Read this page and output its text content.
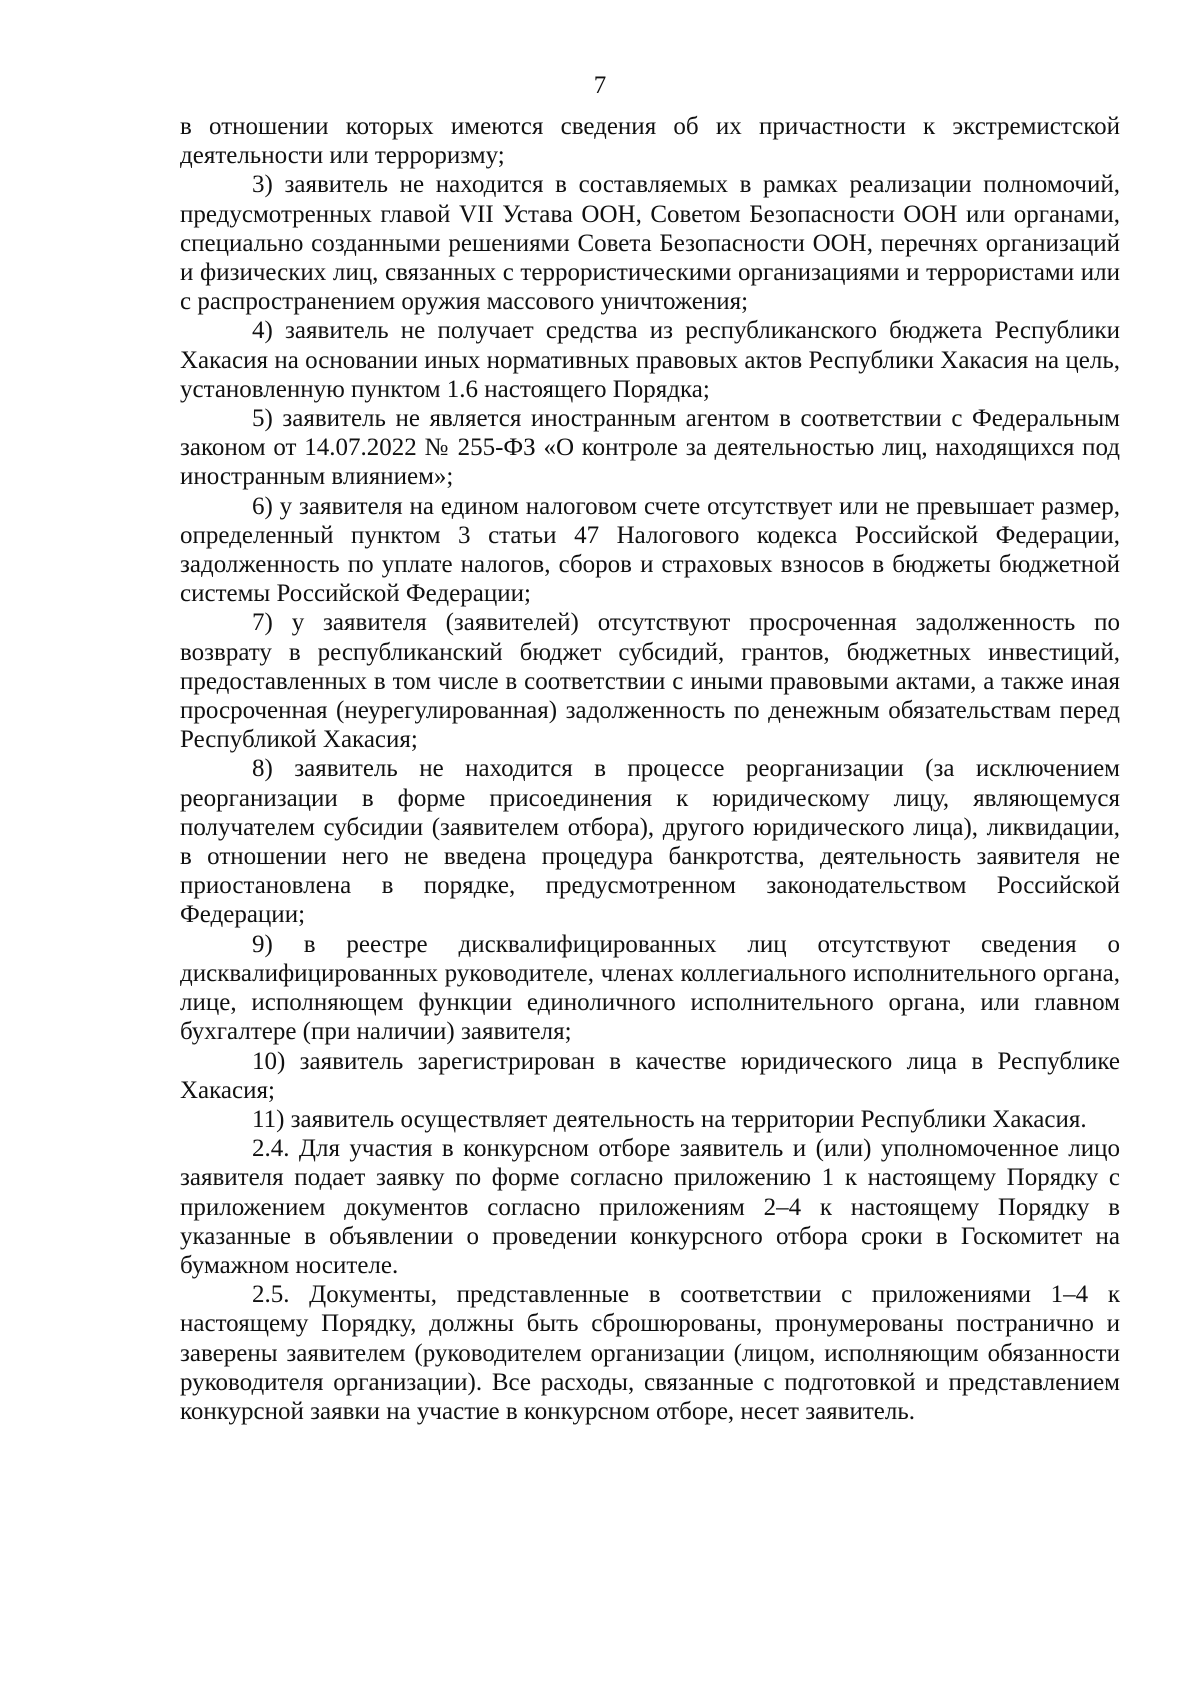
7

в отношении которых имеются сведения об их причастности к экстремистской деятельности или терроризму;

3) заявитель не находится в составляемых в рамках реализации полномочий, предусмотренных главой VII Устава ООН, Советом Безопасности ООН или органами, специально созданными решениями Совета Безопасности ООН, перечнях организаций и физических лиц, связанных с террористическими организациями и террористами или с распространением оружия массового уничтожения;

4) заявитель не получает средства из республиканского бюджета Республики Хакасия на основании иных нормативных правовых актов Республики Хакасия на цель, установленную пунктом 1.6 настоящего Порядка;

5) заявитель не является иностранным агентом в соответствии с Федеральным законом от 14.07.2022 № 255-ФЗ «О контроле за деятельностью лиц, находящихся под иностранным влиянием»;

6) у заявителя на едином налоговом счете отсутствует или не превышает размер, определенный пунктом 3 статьи 47 Налогового кодекса Российской Федерации, задолженность по уплате налогов, сборов и страховых взносов в бюджеты бюджетной системы Российской Федерации;

7) у заявителя (заявителей) отсутствуют просроченная задолженность по возврату в республиканский бюджет субсидий, грантов, бюджетных инвестиций, предоставленных в том числе в соответствии с иными правовыми актами, а также иная просроченная (неурегулированная) задолженность по денежным обязательствам перед Республикой Хакасия;

8) заявитель не находится в процессе реорганизации (за исключением реорганизации в форме присоединения к юридическому лицу, являющемуся получателем субсидии (заявителем отбора), другого юридического лица), ликвидации, в отношении него не введена процедура банкротства, деятельность заявителя не приостановлена в порядке, предусмотренном законодательством Российской Федерации;

9) в реестре дисквалифицированных лиц отсутствуют сведения о дисквалифицированных руководителе, членах коллегиального исполнительного органа, лице, исполняющем функции единоличного исполнительного органа, или главном бухгалтере (при наличии) заявителя;

10) заявитель зарегистрирован в качестве юридического лица в Республике Хакасия;

11) заявитель осуществляет деятельность на территории Республики Хакасия.

2.4. Для участия в конкурсном отборе заявитель и (или) уполномоченное лицо заявителя подает заявку по форме согласно приложению 1 к настоящему Порядку с приложением документов согласно приложениям 2–4 к настоящему Порядку в указанные в объявлении о проведении конкурсного отбора сроки в Госкомитет на бумажном носителе.

2.5. Документы, представленные в соответствии с приложениями 1–4 к настоящему Порядку, должны быть сброшюрованы, пронумерованы постранично и заверены заявителем (руководителем организации (лицом, исполняющим обязанности руководителя организации). Все расходы, связанные с подготовкой и представлением конкурсной заявки на участие в конкурсном отборе, несет заявитель.
